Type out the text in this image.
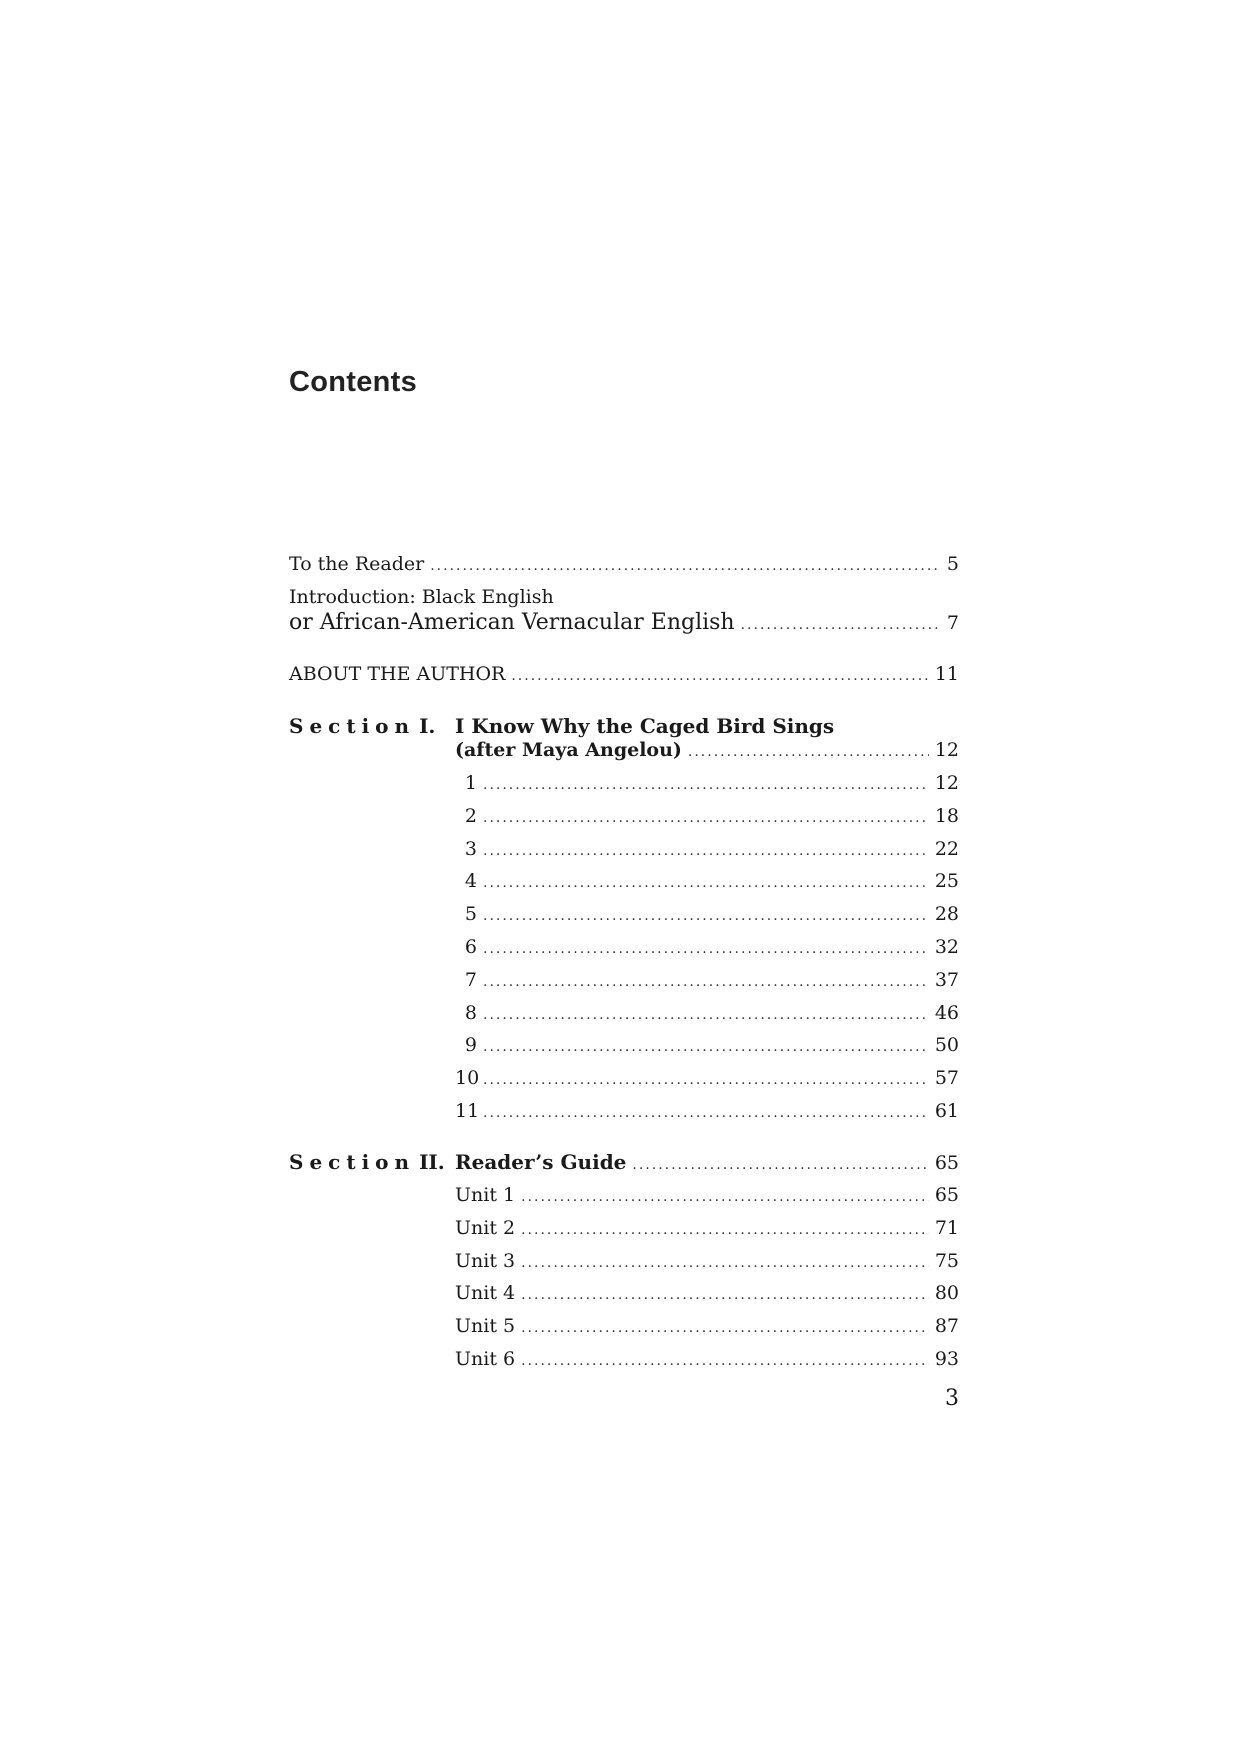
Contents
To the Reader .....	5
Introduction: Black English
or African-American Vernacular English .....	7
ABOUT THE AUTHOR .....	11
Section I. I Know Why the Caged Bird Sings
(after Maya Angelou) .....	12
1 .....	12
2 .....	18
3 .....	22
4 .....	25
5 .....	28
6 .....	32
7 .....	37
8 .....	46
9 .....	50
10 .....	57
11 .....	61
Section II. Reader’s Guide .....	65
Unit 1 .....	65
Unit 2 .....	71
Unit 3 .....	75
Unit 4 .....	80
Unit 5 .....	87
Unit 6 .....	93
3
